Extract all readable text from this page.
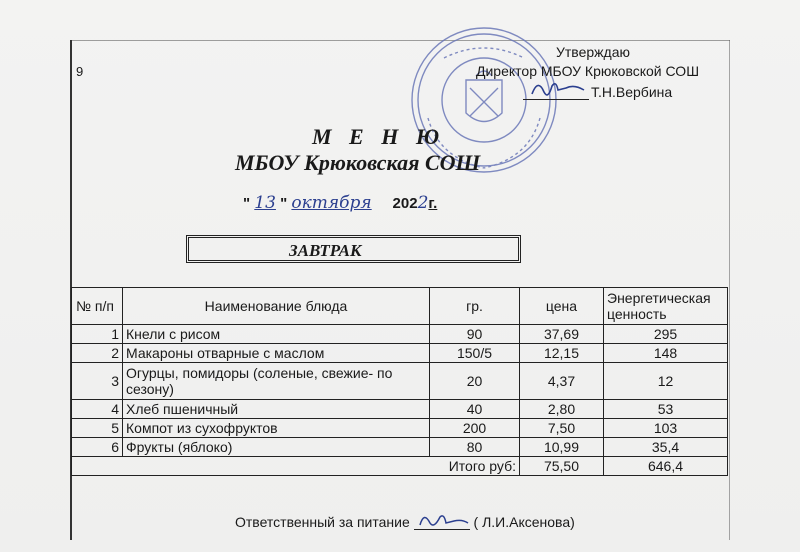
9
Утверждаю
Директор МБОУ Крюковской СОШ
Т.Н.Вербина
М Е Н Ю
МБОУ Крюковская СОШ
" 13 " октября 2022г.
ЗАВТРАК
№ п/п	Наименование блюда	гр.	цена	Энергетическая ценность
1	Кнели с рисом	90	37,69	295
2	Макароны отварные с маслом	150/5	12,15	148
3	Огурцы, помидоры (соленые, свежие- по сезону)	20	4,37	12
4	Хлеб пшеничный	40	2,80	53
5	Компот из сухофруктов	200	7,50	103
6	Фрукты (яблоко)	80	10,99	35,4
Итого руб:			75,50	646,4
Ответственный за питание	( Л.И.Аксенова)
